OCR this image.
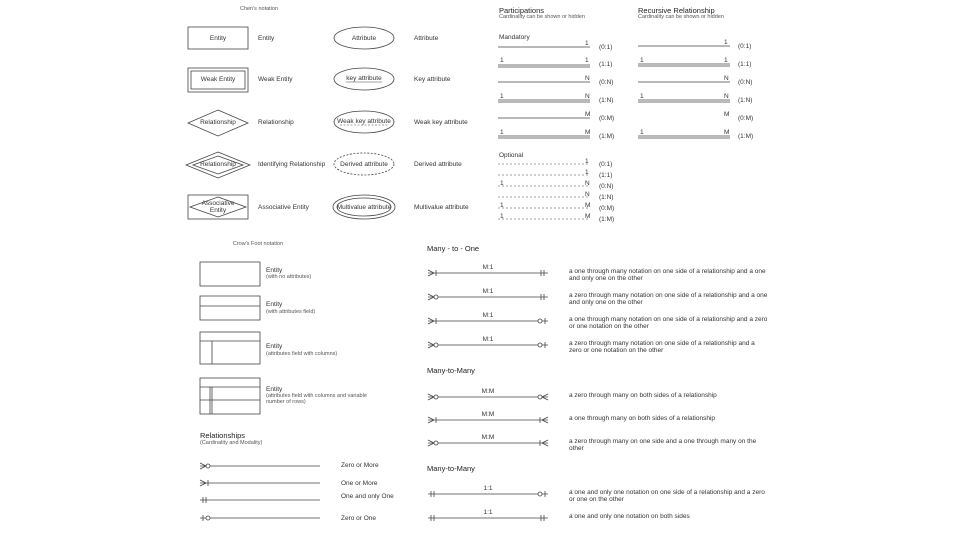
Chen's notation
Entity
Weak Entity
Relationship
Relationship
Associative Entity
Entity
Weak Entity
Relationship
Identifying Relationship
Associative Entity
Attribute
key attribute
Weak key attribute
Derived attribute
Multivalue attribute
Attribute
Key attribute
Weak key attribute
Derived attribute
Multivalue attribute
Participations
Cardinality can be shown or hidden
Mandatory
Optional
1
(0:1)
1	1
(1:1)
N
(0:N)
1	N
(1:N)
M
(0:M)
1	M
(1:M)
1 (0:1)
1 (1:1)
1	N (0:N)
N (1:N)
1	M (0:M)
1	M (1:M)
Recursive Relationship
Cardinality can be shown or hidden
1
(0:1)
1	1
(1:1)
N
(0:N)
1	N
(1:N)
M
(0:M)
1	M
(1:M)
Crow's Foot notation
Entity
(with no attributes)
Entity
(with attributes field)
Entity
(attributes field with columns)
Entity
(attributes field with columns and variable number of rows)
Relationships
(Cardinality and Modality)
Zero or More
One or More
One and only One
Zero or One
Many - to - One
M:1
a one through many notation on one side of a relationship and a one and only one on the other
M:1
a zero through many notation on one side of a relationship and a one and only one on the other
M:1
a one through many notation on one side of a relationship and a zero or one notation on the other
M:1
a zero through many notation on one side of a relationship and a zero or one notation on the other
Many-to-Many
M:M
a zero through many on both sides of a relationship
M:M
a one through many on both sides of a relationship
M:M
a zero through many on one side and a one through many on the other
Many-to-Many
1:1
a one and only one notation on one side of a relationship and a zero or one on the other
1:1
a one and only one notation on both sides
